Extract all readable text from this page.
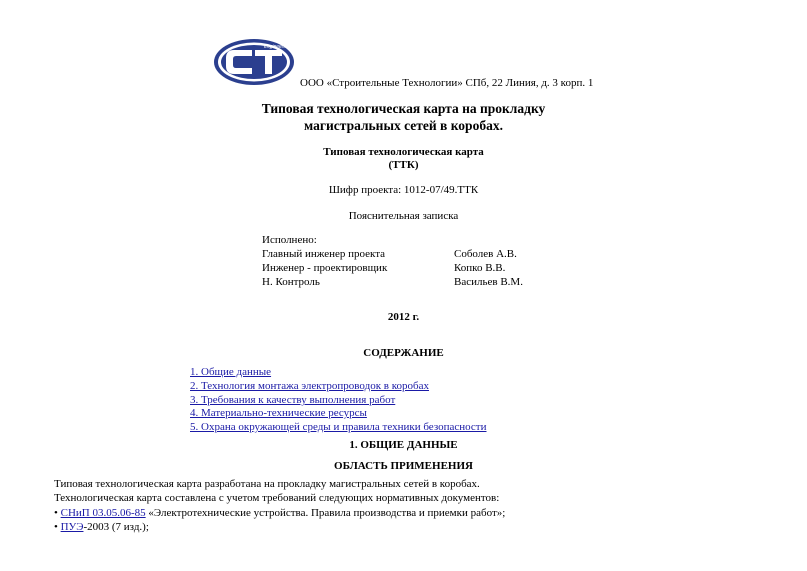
engineering
ООО «Строительные Технологии» СПб, 22 Линия, д. 3 корп. 1
Типовая технологическая карта на прокладку
магистральных сетей в коробах.
Типовая технологическая карта
(ТТК)
Шифр проекта: 1012-07/49.ТТК
Пояснительная записка
Исполнено:
Главный инженер проекта	Соболев А.В.
Инженер - проектировщик	Копко В.В.
Н. Контроль	Васильев В.М.
2012 г.
СОДЕРЖАНИЕ
1. Общие данные
2. Технология монтажа электропроводок в коробах
3. Требования к качеству выполнения работ
4. Материально-технические ресурсы
5. Охрана окружающей среды и правила техники безопасности
1. ОБЩИЕ ДАННЫЕ
ОБЛАСТЬ ПРИМЕНЕНИЯ
Типовая технологическая карта разработана на прокладку магистральных сетей в коробах.
Технологическая карта составлена с учетом требований следующих нормативных документов:
• СНиП 03.05.06-85 «Электротехнические устройства. Правила производства и приемки работ»;
• ПУЭ-2003 (7 изд.);
